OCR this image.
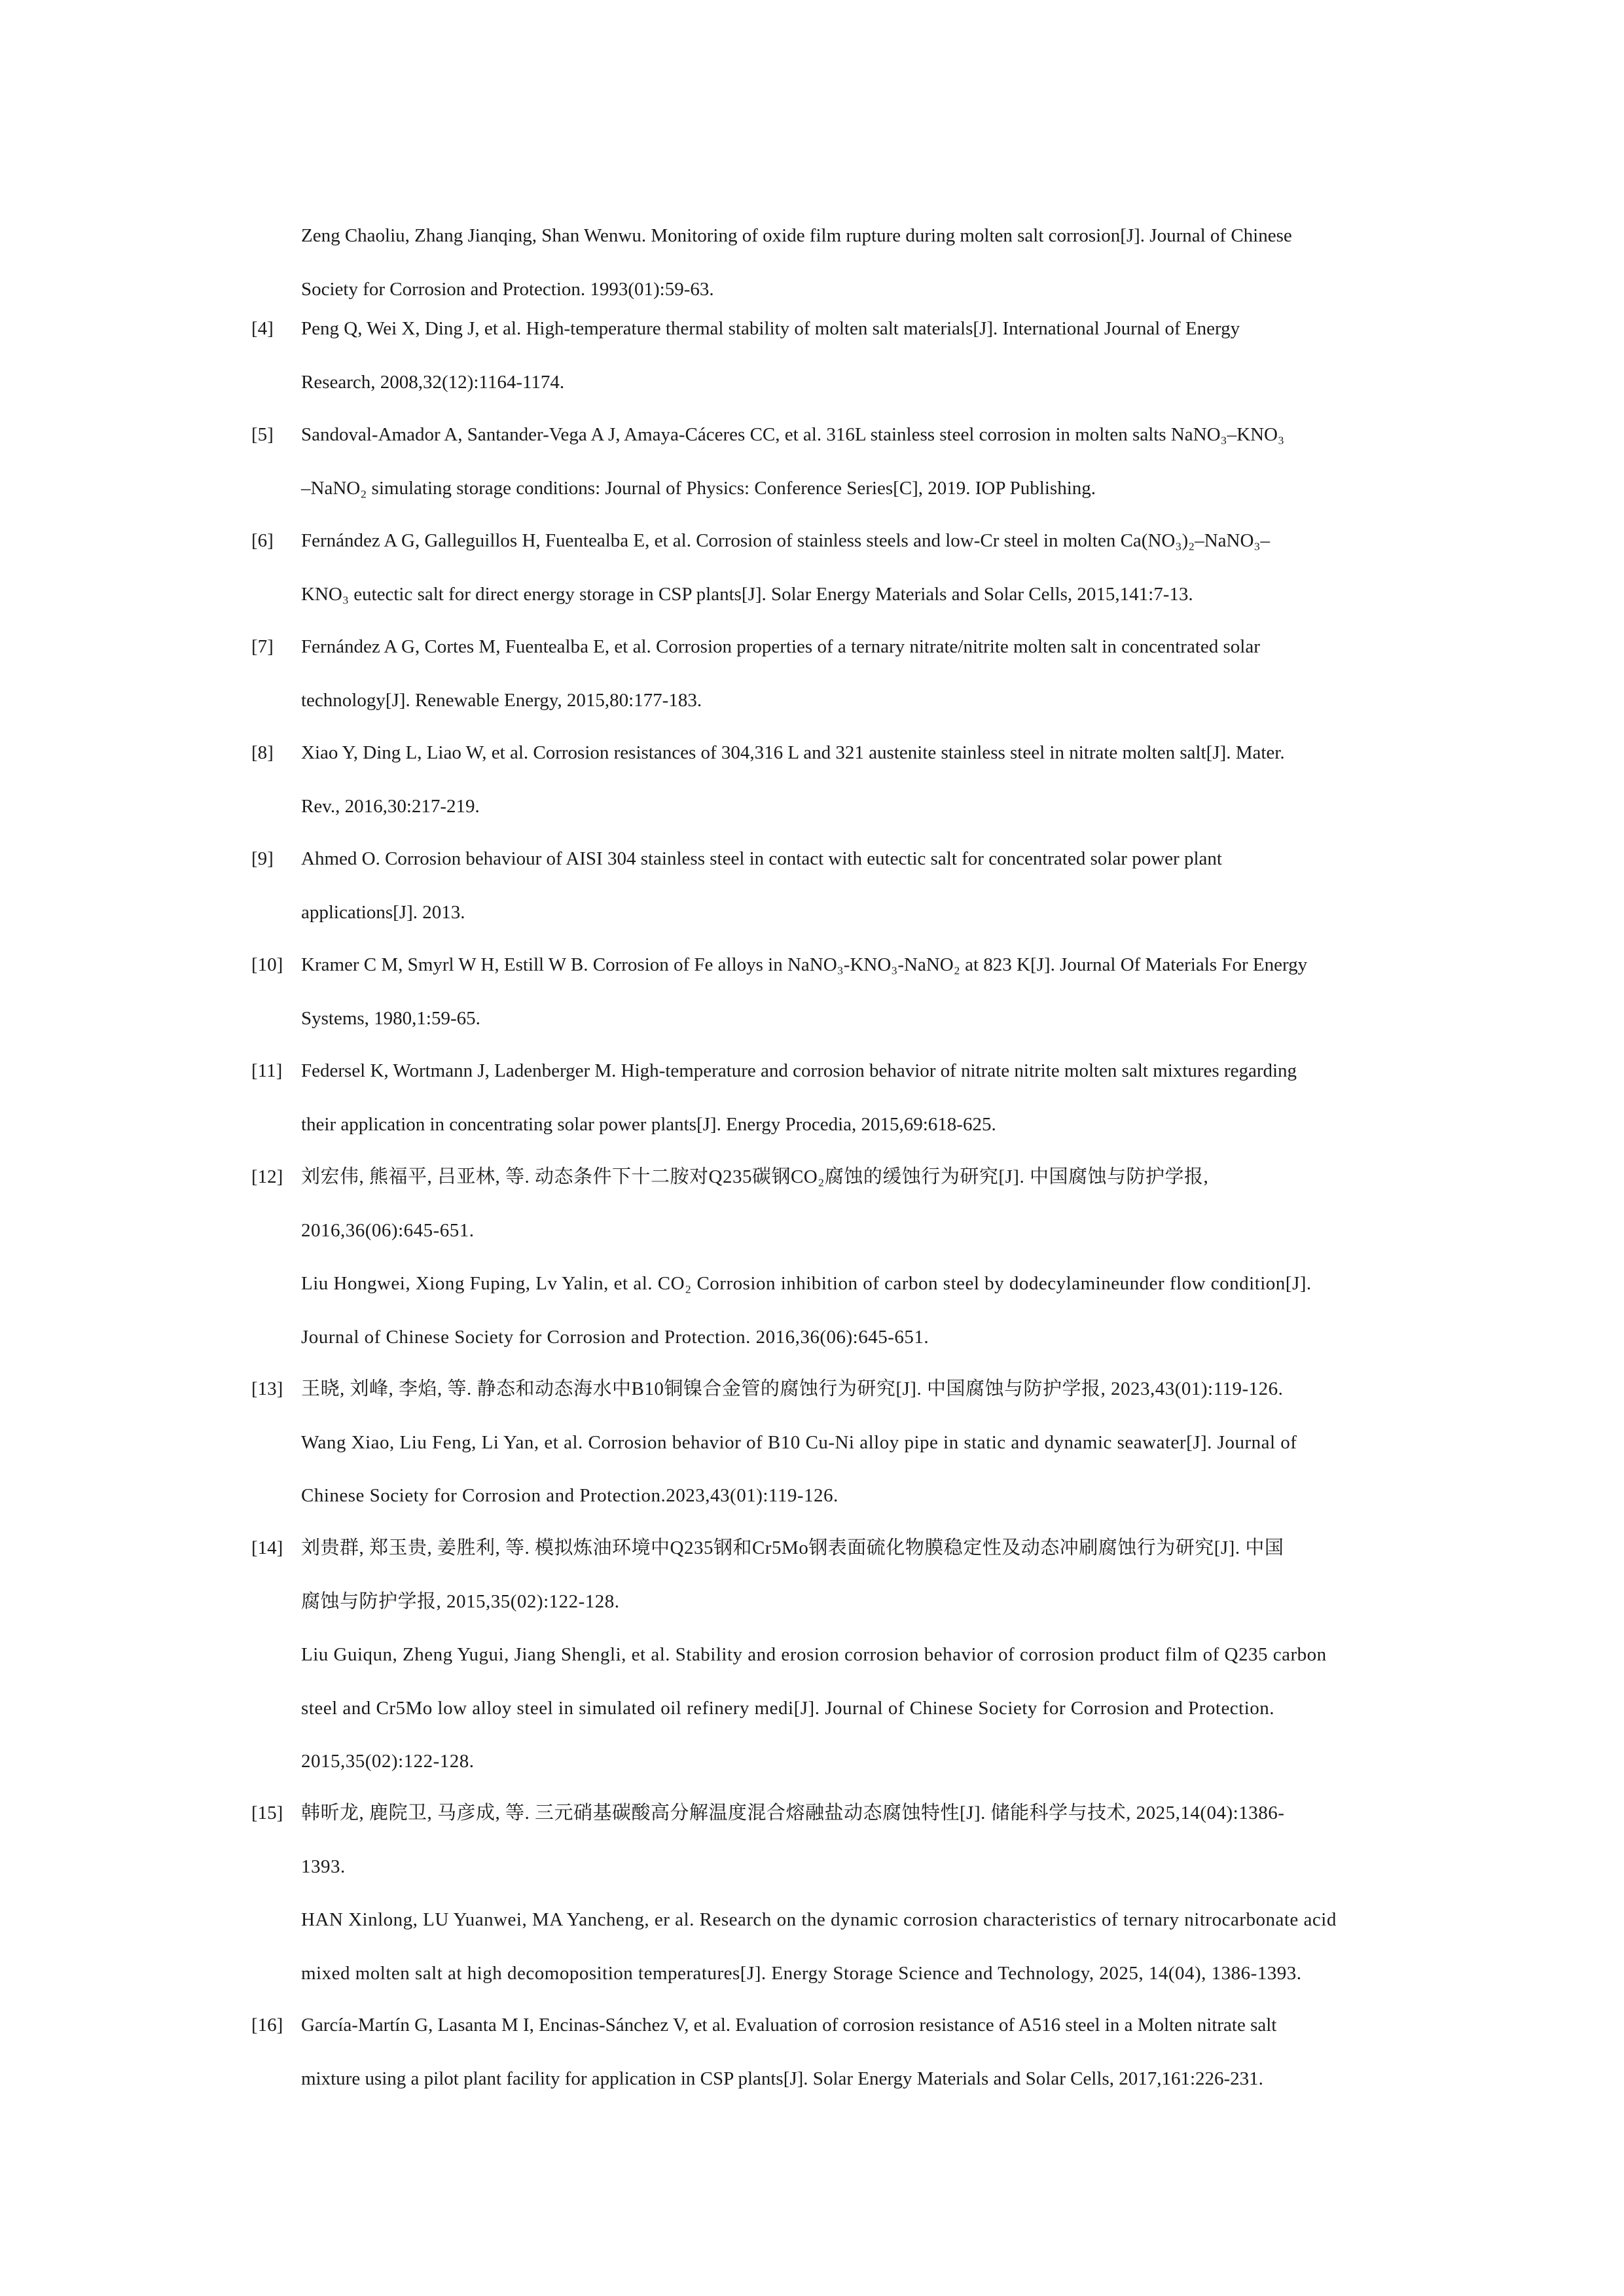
Zeng Chaoliu, Zhang Jianqing, Shan Wenwu. Monitoring of oxide film rupture during molten salt corrosion[J]. Journal of Chinese
Society for Corrosion and Protection. 1993(01):59-63.
[4]	Peng Q, Wei X, Ding J, et al. High‐temperature thermal stability of molten salt materials[J]. International Journal of Energy
Research, 2008,32(12):1164-1174.
[5]	Sandoval-Amador A, Santander-Vega A J, Amaya-Cáceres CC, et al. 316L stainless steel corrosion in molten salts NaNO₃–KNO₃
–NaNO₂ simulating storage conditions: Journal of Physics: Conference Series[C], 2019. IOP Publishing.
[6]	Fernández A G, Galleguillos H, Fuentealba E, et al. Corrosion of stainless steels and low-Cr steel in molten Ca(NO₃)₂–NaNO₃–
KNO₃ eutectic salt for direct energy storage in CSP plants[J]. Solar Energy Materials and Solar Cells, 2015,141:7-13.
[7]	Fernández A G, Cortes M, Fuentealba E, et al. Corrosion properties of a ternary nitrate/nitrite molten salt in concentrated solar
technology[J]. Renewable Energy, 2015,80:177-183.
[8]	Xiao Y, Ding L, Liao W, et al. Corrosion resistances of 304,316 L and 321 austenite stainless steel in nitrate molten salt[J]. Mater.
Rev., 2016,30:217-219.
[9]	Ahmed O. Corrosion behaviour of AISI 304 stainless steel in contact with eutectic salt for concentrated solar power plant
applications[J]. 2013.
[10] Kramer C M, Smyrl W H, Estill W B. Corrosion of Fe alloys in NaNO₃-KNO₃-NaNO₂ at 823 K[J]. Journal Of Materials For Energy
Systems, 1980,1:59-65.
[11] Federsel K, Wortmann J, Ladenberger M. High-temperature and corrosion behavior of nitrate nitrite molten salt mixtures regarding
their application in concentrating solar power plants[J]. Energy Procedia, 2015,69:618-625.
[12] 刘宏伟, 熊福平, 吕亚林, 等. 动态条件下十二胺对Q235碳钢CO₂腐蚀的缓蚀行为研究[J]. 中国腐蚀与防护学报,
2016,36(06):645-651.
Liu Hongwei, Xiong Fuping, Lv Yalin, et al. CO₂ Corrosion inhibition of carbon steel by dodecylamineunder flow condition[J].
Journal of Chinese Society for Corrosion and Protection. 2016,36(06):645-651.
[13] 王晓, 刘峰, 李焰, 等. 静态和动态海水中B10铜镍合金管的腐蚀行为研究[J]. 中国腐蚀与防护学报, 2023,43(01):119-126.
Wang Xiao, Liu Feng, Li Yan, et al. Corrosion behavior of B10 Cu-Ni alloy pipe in static and dynamic seawater[J]. Journal of
Chinese Society for Corrosion and Protection.2023,43(01):119-126.
[14] 刘贵群, 郑玉贵, 姜胜利, 等. 模拟炼油环境中Q235钢和Cr5Mo钢表面硫化物膜稳定性及动态冲刷腐蚀行为研究[J]. 中国
腐蚀与防护学报, 2015,35(02):122-128.
Liu Guiqun, Zheng Yugui, Jiang Shengli, et al. Stability and erosion corrosion behavior of corrosion product film of Q235 carbon
steel and Cr5Mo low alloy steel in simulated oil refinery medi[J]. Journal of Chinese Society for Corrosion and Protection.
2015,35(02):122-128.
[15] 韩昕龙, 鹿院卫, 马彦成, 等. 三元硝基碳酸高分解温度混合熔融盐动态腐蚀特性[J]. 储能科学与技术, 2025,14(04):1386-
1393.
HAN Xinlong, LU Yuanwei, MA Yancheng, er al. Research on the dynamic corrosion characteristics of ternary nitrocarbonate acid
mixed molten salt at high decomoposition temperatures[J]. Energy Storage Science and Technology, 2025, 14(04), 1386-1393.
[16] García-Martín G, Lasanta M I, Encinas-Sánchez V, et al. Evaluation of corrosion resistance of A516 steel in a Molten nitrate salt
mixture using a pilot plant facility for application in CSP plants[J]. Solar Energy Materials and Solar Cells, 2017,161:226-231.
